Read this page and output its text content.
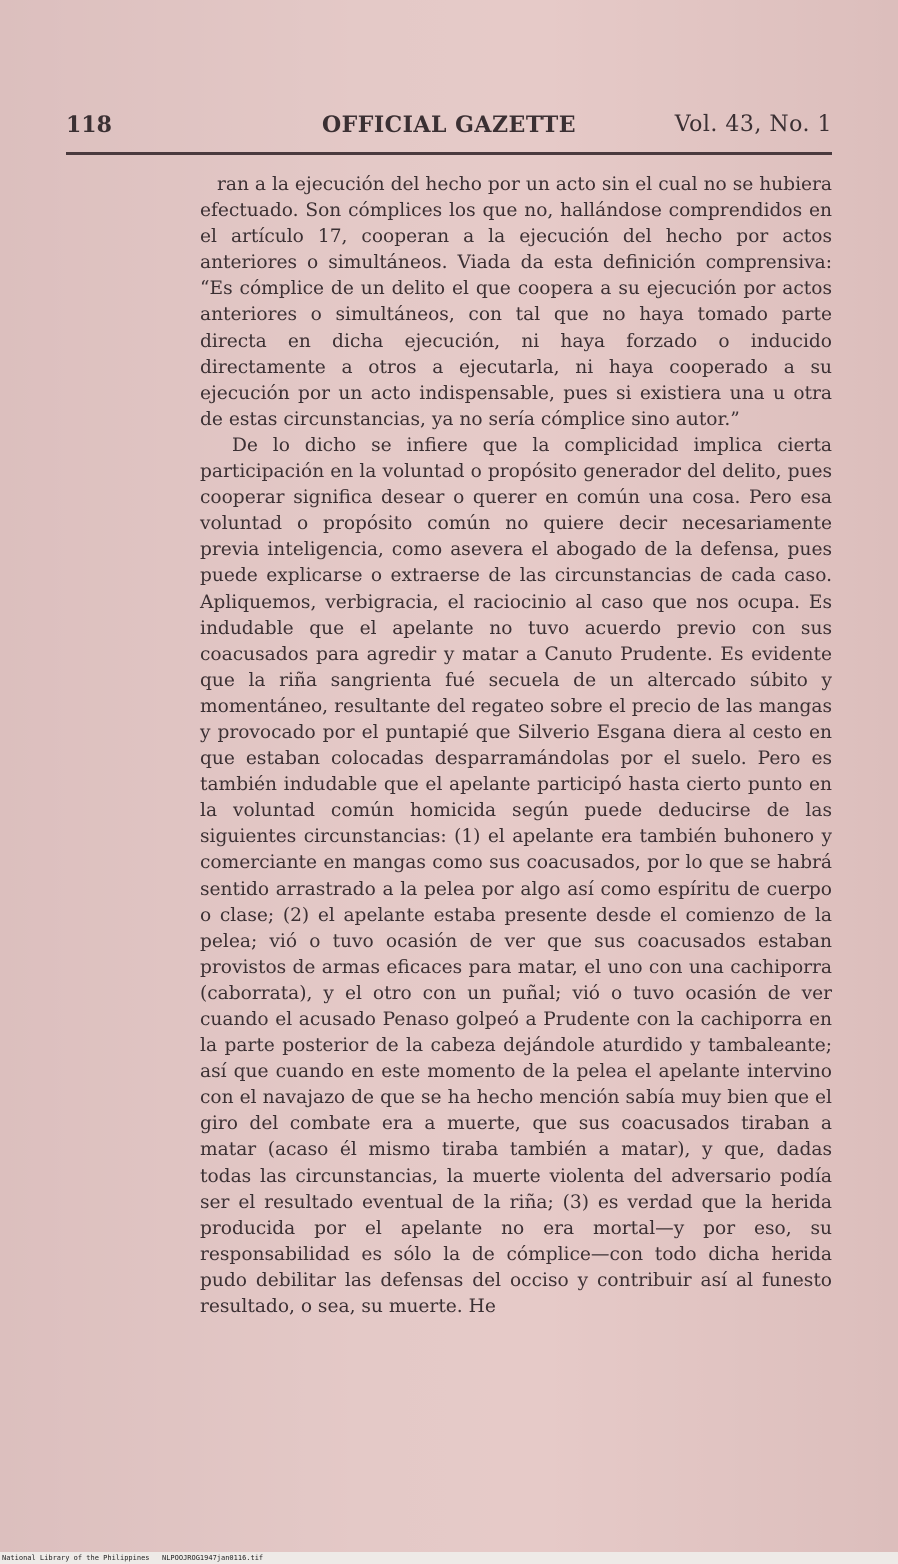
118	OFFICIAL GAZETTE	Vol. 43, No. 1

ran a la ejecución del hecho por un acto sin el cual no se hubiera efectuado. Son cómplices los que no, hallándose comprendidos en el artículo 17, cooperan a la ejecución del hecho por actos anteriores o simultáneos. Viada da esta definición comprensiva: “Es cómplice de un delito el que coopera a su ejecución por actos anteriores o simultáneos, con tal que no haya tomado parte directa en dicha ejecución, ni haya forzado o inducido directamente a otros a ejecutarla, ni haya cooperado a su ejecución por un acto indispensable, pues si existiera una u otra de estas circunstancias, ya no sería cómplice sino autor.”

De lo dicho se infiere que la complicidad implica cierta participación en la voluntad o propósito generador del delito, pues cooperar significa desear o querer en común una cosa. Pero esa voluntad o propósito común no quiere decir necesariamente previa inteligencia, como asevera el abogado de la defensa, pues puede explicarse o extraerse de las circunstancias de cada caso. Apliquemos, verbigracia, el raciocinio al caso que nos ocupa. Es indudable que el apelante no tuvo acuerdo previo con sus coacusados para agredir y matar a Canuto Prudente. Es evidente que la riña sangrienta fué secuela de un altercado súbito y momentáneo, resultante del regateo sobre el precio de las mangas y provocado por el puntapié que Silverio Esgana diera al cesto en que estaban colocadas desparramándolas por el suelo. Pero es también indudable que el apelante participó hasta cierto punto en la voluntad común homicida según puede deducirse de las siguientes circunstancias: (1) el apelante era también buhonero y comerciante en mangas como sus coacusados, por lo que se habrá sentido arrastrado a la pelea por algo así como espíritu de cuerpo o clase; (2) el apelante estaba presente desde el comienzo de la pelea; vió o tuvo ocasión de ver que sus coacusados estaban provistos de armas eficaces para matar, el uno con una cachiporra (caborrata), y el otro con un puñal; vió o tuvo ocasión de ver cuando el acusado Penaso golpeó a Prudente con la cachiporra en la parte posterior de la cabeza dejándole aturdido y tambaleante; así que cuando en este momento de la pelea el apelante intervino con el navajazo de que se ha hecho mención sabía muy bien que el giro del combate era a muerte, que sus coacusados tiraban a matar (acaso él mismo tiraba también a matar), y que, dadas todas las circunstancias, la muerte violenta del adversario podía ser el resultado eventual de la riña; (3) es verdad que la herida producida por el apelante no era mortal—y por eso, su responsabilidad es sólo la de cómplice—con todo dicha herida pudo debilitar las defensas del occiso y contribuir así al funesto resultado, o sea, su muerte. He

National Library of the Philippines NLPOOJROG1947jan0116.tif
